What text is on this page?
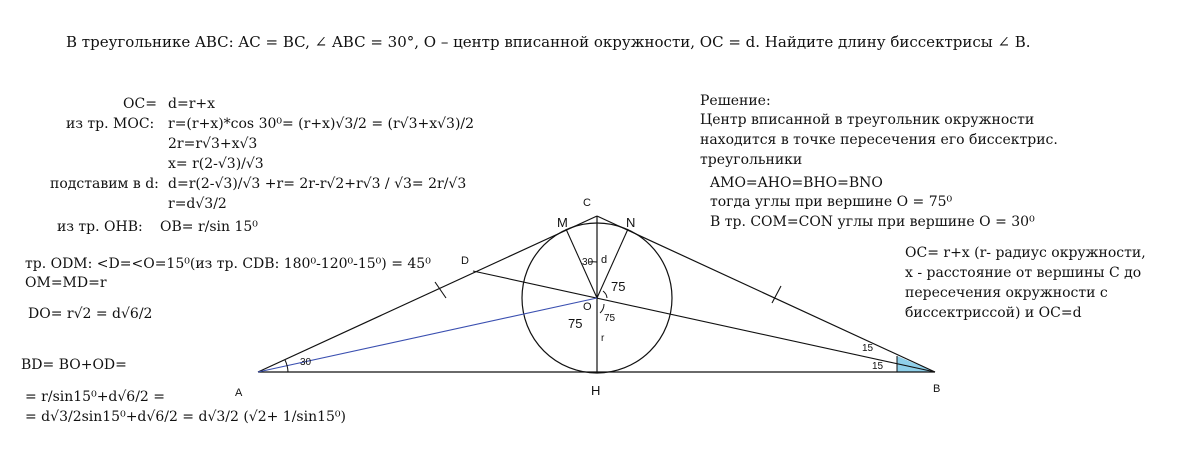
В треугольнике ABC: AC = BC, ∠ ABC = 30°, O – центр вписанной окружности, OC = d. Найдите длину биссектрисы ∠ B.
OC= d=r+x
из тр. MOC: r=(r+x)*cos 30⁰= (r+x)√3/2 = (r√3+x√3)/2
2r=r√3+x√3
x= r(2-√3)/√3
подставим в d: d=r(2-√3)/√3 +r= 2r-r√2+r√3 / √3= 2r/√3
r=d√3/2
из тр. OHB: OB= r/sin 15⁰
тр. ODM: <D=<O=15⁰(из тр. CDB: 180⁰-120⁰-15⁰) = 45⁰
OM=MD=r
DO= r√2 = d√6/2
BD= BO+OD=
= r/sin15⁰+d√6/2 =
= d√3/2sin15⁰+d√6/2 = d√3/2 (√2+ 1/sin15⁰)
Решение:
Центр вписанной в треугольник окружности
находится в точке пересечения его биссектрис.
треугольники
AMO=AHO=BHO=BNO
тогда углы при вершине O = 75⁰
В тр. COM=CON углы при вершине O = 30⁰
OC= r+x (r- радиус окружности,
x - расстояние от вершины C до
пересечения окружности с
биссектриссой) и OC=d
A	B
C
D
H
M	N
O
d
r
30
75
75 75
30
15
15
